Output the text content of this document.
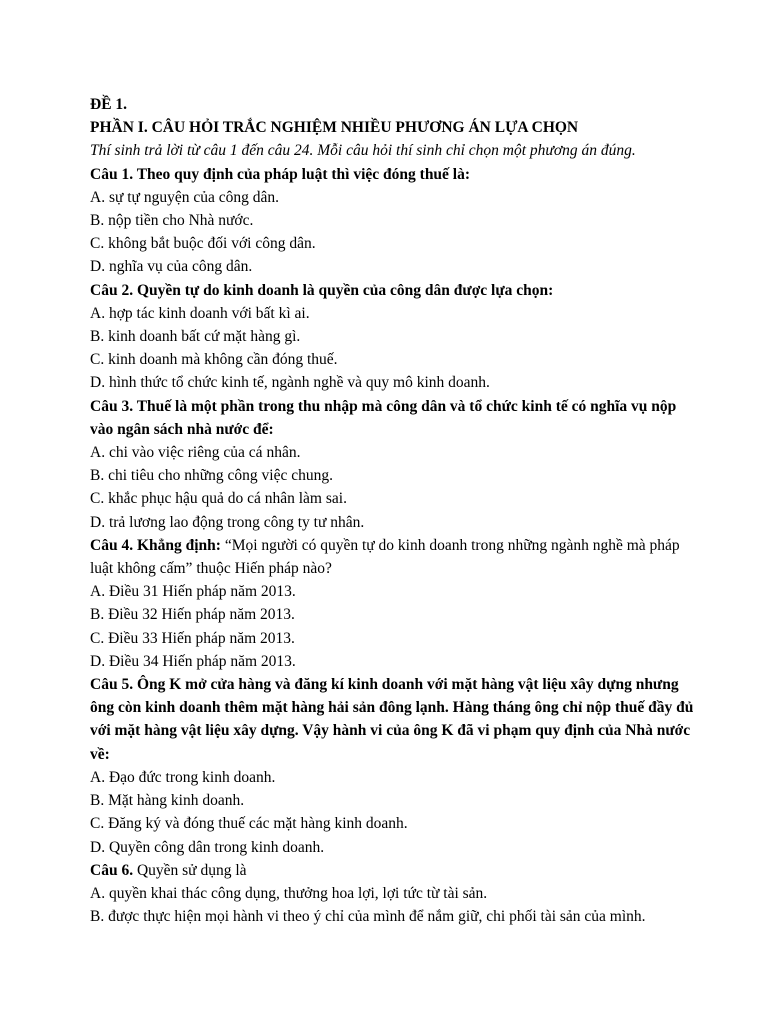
ĐỀ 1.
PHẦN I. CÂU HỎI TRẮC NGHIỆM NHIỀU PHƯƠNG ÁN LỰA CHỌN
Thí sinh trả lời từ câu 1 đến câu 24. Mỗi câu hỏi thí sinh chỉ chọn một phương án đúng.
Câu 1. Theo quy định của pháp luật thì việc đóng thuế là:
A. sự tự nguyện của công dân.
B. nộp tiền cho Nhà nước.
C. không bắt buộc đối với công dân.
D. nghĩa vụ của công dân.
Câu 2. Quyền tự do kinh doanh là quyền của công dân được lựa chọn:
A. hợp tác kinh doanh với bất kì ai.
B. kinh doanh bất cứ mặt hàng gì.
C. kinh doanh mà không cần đóng thuế.
D. hình thức tổ chức kinh tế, ngành nghề và quy mô kinh doanh.
Câu 3. Thuế là một phần trong thu nhập mà công dân và tổ chức kinh tế có nghĩa vụ nộp
vào ngân sách nhà nước để:
A. chi vào việc riêng của cá nhân.
B. chi tiêu cho những công việc chung.
C. khắc phục hậu quả do cá nhân làm sai.
D. trả lương lao động trong công ty tư nhân.
Câu 4. Khẳng định: “Mọi người có quyền tự do kinh doanh trong những ngành nghề mà pháp
luật không cấm” thuộc Hiến pháp nào?
A. Điều 31 Hiến pháp năm 2013.
B. Điều 32 Hiến pháp năm 2013.
C. Điều 33 Hiến pháp năm 2013.
D. Điều 34 Hiến pháp năm 2013.
Câu 5. Ông K mở cửa hàng và đăng kí kinh doanh với mặt hàng vật liệu xây dựng nhưng
ông còn kinh doanh thêm mặt hàng hải sản đông lạnh. Hàng tháng ông chỉ nộp thuế đầy đủ
với mặt hàng vật liệu xây dựng. Vậy hành vi của ông K đã vi phạm quy định của Nhà nước
về:
A. Đạo đức trong kinh doanh.
B. Mặt hàng kinh doanh.
C. Đăng ký và đóng thuế các mặt hàng kinh doanh.
D. Quyền công dân trong kinh doanh.
Câu 6. Quyền sử dụng là
A. quyền khai thác công dụng, thưởng hoa lợi, lợi tức từ tài sản.
B. được thực hiện mọi hành vi theo ý chỉ của mình để nắm giữ, chi phối tài sản của mình.
